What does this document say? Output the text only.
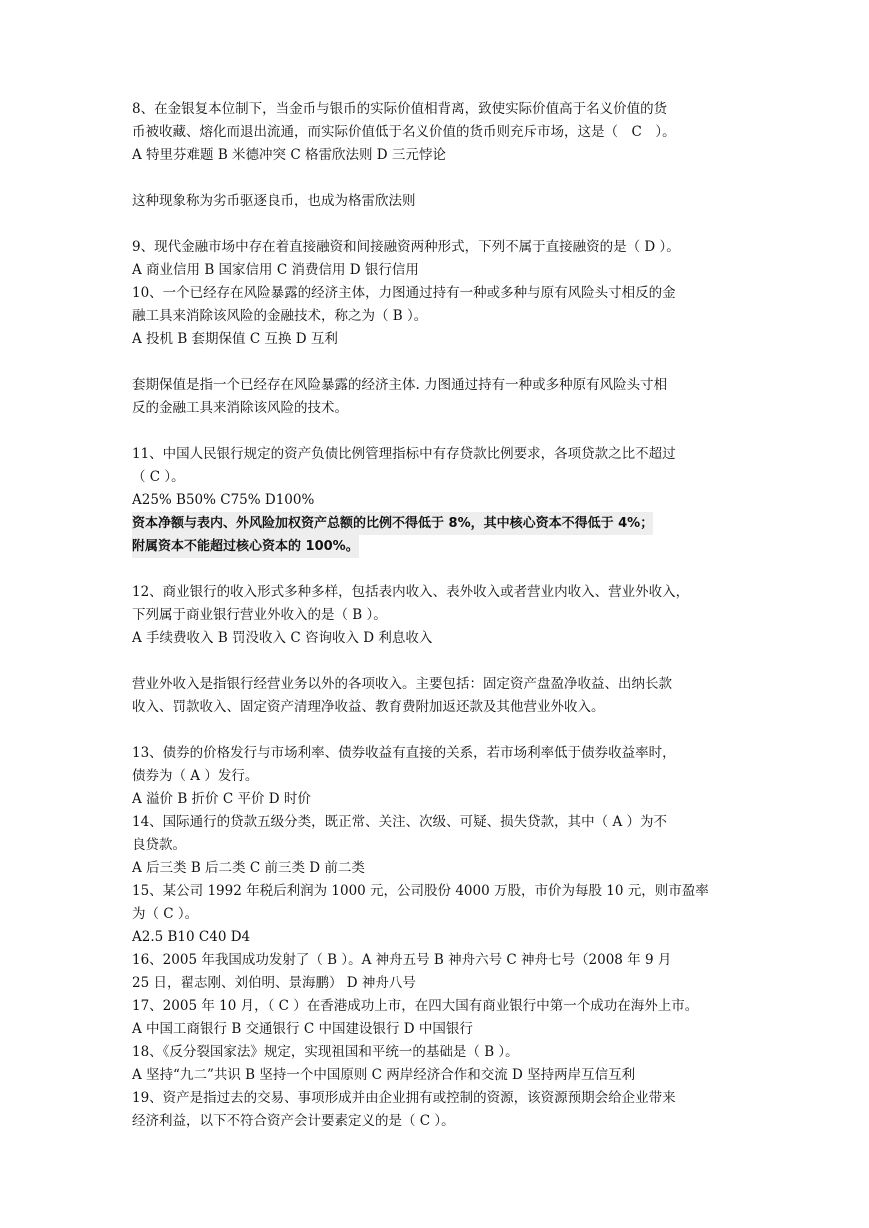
8、在金银复本位制下，当金币与银币的实际价值相背离，致使实际价值高于名义价值的货
币被收藏、熔化而退出流通，而实际价值低于名义价值的货币则充斥市场，这是（　C　）。
A 特里芬难题 B 米德冲突 C 格雷欣法则 D 三元悖论
这种现象称为劣币驱逐良币，也成为格雷欣法则
9、现代金融市场中存在着直接融资和间接融资两种形式，下列不属于直接融资的是（ D ）。
A 商业信用 B 国家信用 C 消费信用 D 银行信用
10、一个已经存在风险暴露的经济主体，力图通过持有一种或多种与原有风险头寸相反的金
融工具来消除该风险的金融技术，称之为（ B ）。
A 投机 B 套期保值 C 互换 D 互利
套期保值是指一个已经存在风险暴露的经济主体. 力图通过持有一种或多种原有风险头寸相
反的金融工具来消除该风险的技术。
11、中国人民银行规定的资产负债比例管理指标中有存贷款比例要求，各项贷款之比不超过
（ C ）。
A25% B50% C75% D100%
资本净额与表内、外风险加权资产总额的比例不得低于 8%，其中核心资本不得低于 4%；
附属资本不能超过核心资本的 100%。
12、商业银行的收入形式多种多样，包括表内收入、表外收入或者营业内收入、营业外收入，
下列属于商业银行营业外收入的是（ B ）。
A 手续费收入 B 罚没收入 C 咨询收入 D 利息收入
营业外收入是指银行经营业务以外的各项收入。主要包括：固定资产盘盈净收益、出纳长款
收入、罚款收入、固定资产清理净收益、教育费附加返还款及其他营业外收入。
13、债券的价格发行与市场利率、债券收益有直接的关系，若市场利率低于债券收益率时，
债券为（ A ）发行。
A 溢价 B 折价 C 平价 D 时价
14、国际通行的贷款五级分类，既正常、关注、次级、可疑、损失贷款，其中（ A ）为不
良贷款。
A 后三类 B 后二类 C 前三类 D 前二类
15、某公司 1992 年税后利润为 1000 元，公司股份 4000 万股，市价为每股 10 元，则市盈率
为（ C ）。
A2.5 B10 C40 D4
16、2005 年我国成功发射了（ B ）。A 神舟五号 B 神舟六号 C 神舟七号（2008 年 9 月
25 日，翟志刚、刘伯明、景海鹏） D 神舟八号
17、2005 年 10 月，（ C ）在香港成功上市，在四大国有商业银行中第一个成功在海外上市。
A 中国工商银行 B 交通银行 C 中国建设银行 D 中国银行
18、《反分裂国家法》规定，实现祖国和平统一的基础是（ B ）。
A 坚持“九二”共识 B 坚持一个中国原则 C 两岸经济合作和交流 D 坚持两岸互信互利
19、资产是指过去的交易、事项形成并由企业拥有或控制的资源，该资源预期会给企业带来
经济利益，以下不符合资产会计要素定义的是（ C ）。
